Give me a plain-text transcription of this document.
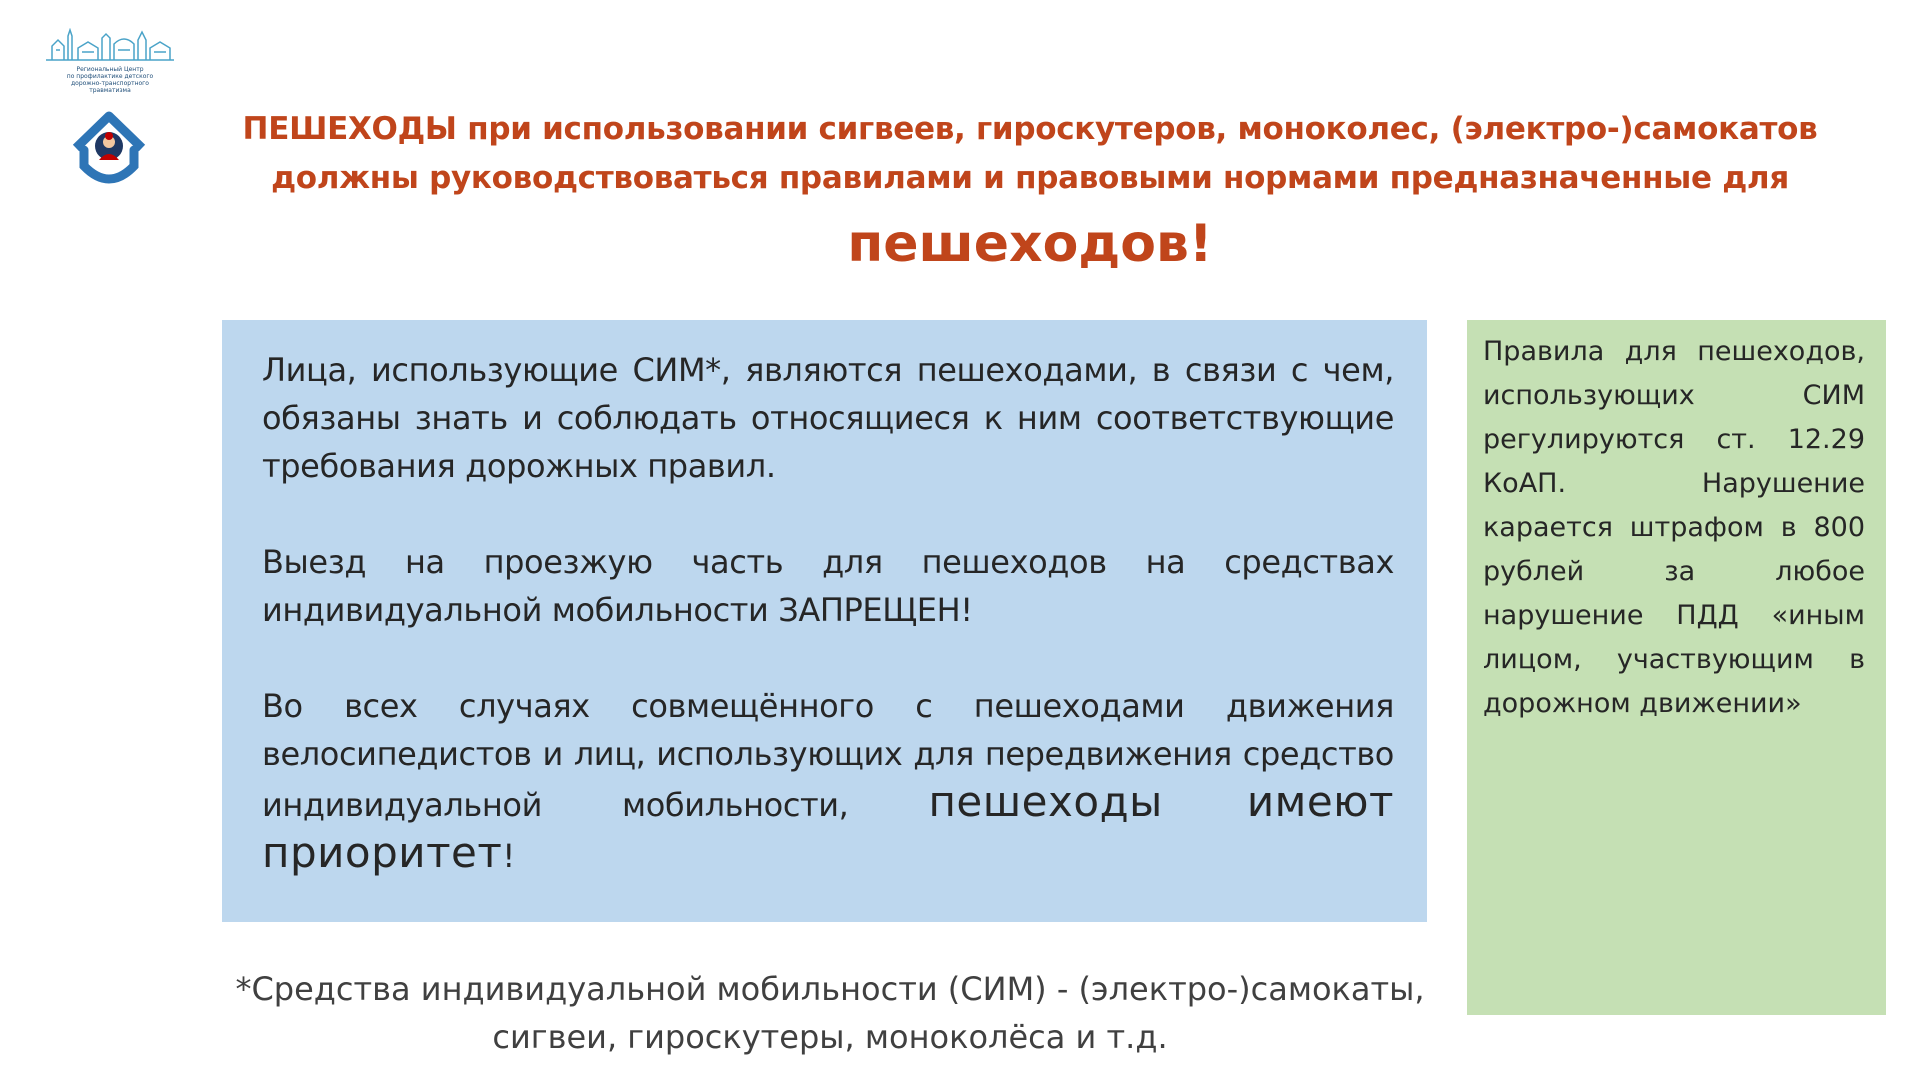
Региональный Центр
по профилактике детского
дорожно-транспортного
травматизма
ПЕШЕХОДЫ при использовании сигвеев, гироскутеров, моноколес, (электро-)самокатов
должны руководствоваться правилами и правовыми нормами предназначенные для
пешеходов!

Лица, использующие СИМ*, являются пешеходами, в связи с чем, обязаны знать и соблюдать относящиеся к ним соответствующие требования дорожных правил.

Выезд на проезжую часть для пешеходов на средствах индивидуальной мобильности ЗАПРЕЩЕН!

Во всех случаях совмещённого с пешеходами движения велосипедистов и лиц, использующих для передвижения средство индивидуальной мобильности, пешеходы имеют приоритет!

Правила для пешеходов, использующих СИМ регулируются ст. 12.29 КоАП. Нарушение карается штрафом в 800 рублей за любое нарушение ПДД «иным лицом, участвующим в дорожном движении»

*Средства индивидуальной мобильности (СИМ) - (электро-)самокаты,
сигвеи, гироскутеры, моноколёса и т.д.
